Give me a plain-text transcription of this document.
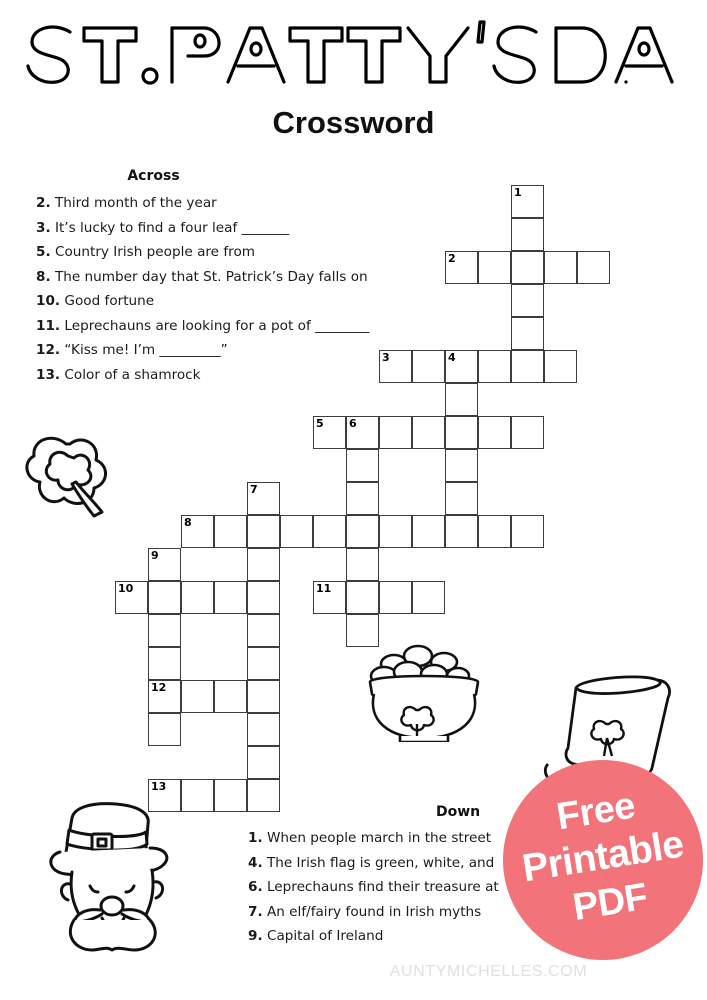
Crossword
Across
2. Third month of the year
3. It’s lucky to find a four leaf _______
5. Country Irish people are from
8. The number day that St. Patrick’s Day falls on
10. Good fortune
11. Leprechauns are looking for a pot of ________
12. “Kiss me! I’m _________”
13. Color of a shamrock
Down
1. When people march in the street
4. The Irish flag is green, white, and
6. Leprechauns find their treasure at
7. An elf/fairy found in Irish myths
9. Capital of Ireland
1
2
3	4
5 6
7
8
9
10	11
12
13	Free
Printable
PDF
AUNTYMICHELLES.COM
